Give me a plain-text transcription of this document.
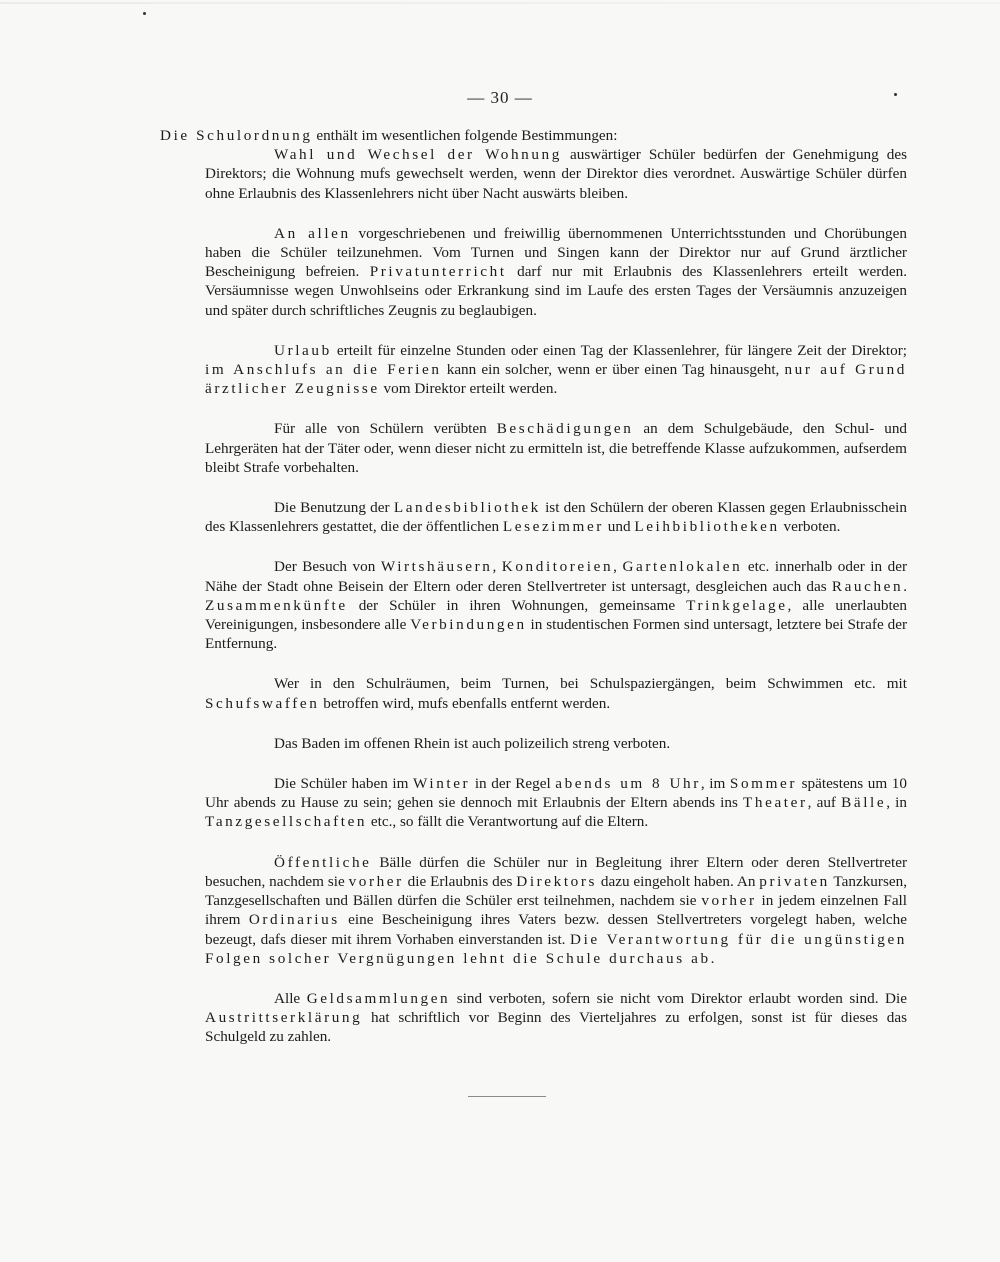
— 30 —

Die Schulordnung enthält im wesentlichen folgende Bestimmungen:

Wahl und Wechsel der Wohnung auswärtiger Schüler bedürfen der Genehmigung des Direktors; die Wohnung mufs gewechselt werden, wenn der Direktor dies verordnet. Auswärtige Schüler dürfen ohne Erlaubnis des Klassenlehrers nicht über Nacht auswärts bleiben.

An allen vorgeschriebenen und freiwillig übernommenen Unterrichtsstunden und Chorübungen haben die Schüler teilzunehmen. Vom Turnen und Singen kann der Direktor nur auf Grund ärztlicher Bescheinigung befreien. Privatunterricht darf nur mit Erlaubnis des Klassenlehrers erteilt werden. Versäumnisse wegen Unwohlseins oder Erkrankung sind im Laufe des ersten Tages der Versäumnis anzuzeigen und später durch schriftliches Zeugnis zu beglaubigen.

Urlaub erteilt für einzelne Stunden oder einen Tag der Klassenlehrer, für längere Zeit der Direktor; im Anschlufs an die Ferien kann ein solcher, wenn er über einen Tag hinausgeht, nur auf Grund ärztlicher Zeugnisse vom Direktor erteilt werden.

Für alle von Schülern verübten Beschädigungen an dem Schulgebäude, den Schul- und Lehrgeräten hat der Täter oder, wenn dieser nicht zu ermitteln ist, die betreffende Klasse aufzukommen, aufserdem bleibt Strafe vorbehalten.

Die Benutzung der Landesbibliothek ist den Schülern der oberen Klassen gegen Erlaubnisschein des Klassenlehrers gestattet, die der öffentlichen Lesezimmer und Leihbibliotheken verboten.

Der Besuch von Wirtshäusern, Konditoreien, Gartenlokalen etc. innerhalb oder in der Nähe der Stadt ohne Beisein der Eltern oder deren Stellvertreter ist untersagt, desgleichen auch das Rauchen. Zusammenkünfte der Schüler in ihren Wohnungen, gemeinsame Trinkgelage, alle unerlaubten Vereinigungen, insbesondere alle Verbindungen in studentischen Formen sind untersagt, letztere bei Strafe der Entfernung.

Wer in den Schulräumen, beim Turnen, bei Schulspaziergängen, beim Schwimmen etc. mit Schufswaffen betroffen wird, mufs ebenfalls entfernt werden.

Das Baden im offenen Rhein ist auch polizeilich streng verboten.

Die Schüler haben im Winter in der Regel abends um 8 Uhr, im Sommer spätestens um 10 Uhr abends zu Hause zu sein; gehen sie dennoch mit Erlaubnis der Eltern abends ins Theater, auf Bälle, in Tanzgesellschaften etc., so fällt die Verantwortung auf die Eltern.

Öffentliche Bälle dürfen die Schüler nur in Begleitung ihrer Eltern oder deren Stellvertreter besuchen, nachdem sie vorher die Erlaubnis des Direktors dazu eingeholt haben. An privaten Tanzkursen, Tanzgesellschaften und Bällen dürfen die Schüler erst teilnehmen, nachdem sie vorher in jedem einzelnen Fall ihrem Ordinarius eine Bescheinigung ihres Vaters bezw. dessen Stellvertreters vorgelegt haben, welche bezeugt, dafs dieser mit ihrem Vorhaben einverstanden ist. Die Verantwortung für die ungünstigen Folgen solcher Vergnügungen lehnt die Schule durchaus ab.

Alle Geldsammlungen sind verboten, sofern sie nicht vom Direktor erlaubt worden sind. Die Austrittserklärung hat schriftlich vor Beginn des Vierteljahres zu erfolgen, sonst ist für dieses das Schulgeld zu zahlen.
